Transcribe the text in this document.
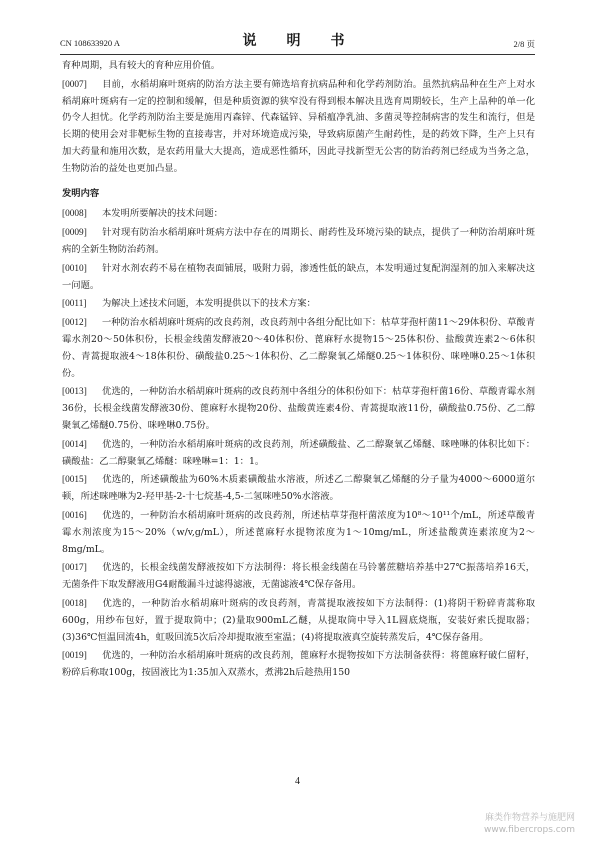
CN 108633920 A	说　明　书	2/8 页

育种周期，具有较大的育种应用价值。

[0007] 目前，水稻胡麻叶斑病的防治方法主要有筛选培育抗病品种和化学药剂防治。虽然抗病品种在生产上对水稻胡麻叶斑病有一定的控制和缓解，但是种质资源的狭窄没有得到根本解决且选育周期较长，生产上品种的单一化仍令人担忧。化学药剂防治主要是施用丙森锌、代森锰锌、异稻瘟净乳油、多菌灵等控制病害的发生和流行，但是长期的使用会对非靶标生物的直接毒害，并对环境造成污染，导致病原菌产生耐药性，是的药效下降，生产上只有加大药量和施用次数，是农药用量大大提高，造成恶性循环，因此寻找新型无公害的防治药剂已经成为当务之急，生物防治的益处也更加凸显。

发明内容

[0008] 本发明所要解决的技术问题：

[0009] 针对现有防治水稻胡麻叶斑病方法中存在的周期长、耐药性及环境污染的缺点，提供了一种防治胡麻叶斑病的全新生物防治药剂。

[0010] 针对水剂农药不易在植物表面铺展，吸附力弱，渗透性低的缺点，本发明通过复配润湿剂的加入来解决这一问题。

[0011] 为解决上述技术问题，本发明提供以下的技术方案：

[0012] 一种防治水稻胡麻叶斑病的改良药剂，改良药剂中各组分配比如下：枯草芽孢杆菌11～29体积份、草酸青霉水剂20～50体积份，长根金线菌发酵液20～40体积份、蓖麻籽水提物15～25体积份、盐酸黄连素2～6体积份、青蒿提取液4～18体积份、磺酸盐0.25～1体积份、乙二醇聚氧乙烯醚0.25～1体积份、咪唑啉0.25～1体积份。

[0013] 优选的，一种防治水稻胡麻叶斑病的改良药剂中各组分的体积份如下：枯草芽孢杆菌16份、草酸青霉水剂36份，长根金线菌发酵液30份、蓖麻籽水提物20份、盐酸黄连素4份、青蒿提取液11份，磺酸盐0.75份、乙二醇聚氧乙烯醚0.75份、咪唑啉0.75份。

[0014] 优选的，一种防治水稻胡麻叶斑病的改良药剂，所述磺酸盐、乙二醇聚氧乙烯醚、咪唑啉的体积比如下：磺酸盐：乙二醇聚氧乙烯醚：咪唑啉=1：1：1。

[0015] 优选的，所述磺酸盐为60%木质素磺酸盐水溶液，所述乙二醇聚氧乙烯醚的分子量为4000～6000道尔顿，所述咪唑啉为2-羟甲基-2-十七烷基-4,5-二氢咪唑50%水溶液。

[0016] 优选的，一种防治水稻胡麻叶斑病的改良药剂，所述枯草芽孢杆菌浓度为10⁸～10¹¹个/mL，所述草酸青霉水剂浓度为15～20%（w/v,g/mL），所述蓖麻籽水提物浓度为1～10mg/mL，所述盐酸黄连素浓度为2～8mg/mL。

[0017] 优选的，长根金线菌发酵液按如下方法制得：将长根金线菌在马铃薯蔗糖培养基中27℃振荡培养16天，无菌条件下取发酵液用G4耐酸漏斗过滤得滤液，无菌滤液4℃保存备用。

[0018] 优选的，一种防治水稻胡麻叶斑病的改良药剂，青蒿提取液按如下方法制得：(1)将阴干粉碎青蒿称取600g，用纱布包好，置于提取筒中；(2)量取900mL乙醚，从提取筒中导入1L圆底烧瓶，安装好索氏提取器；(3)36℃恒温回流4h，虹吸回流5次后冷却提取液至室温；(4)将提取液真空旋转蒸发后，4℃保存备用。

[0019] 优选的，一种防治水稻胡麻叶斑病的改良药剂，蓖麻籽水提物按如下方法制备获得：将蓖麻籽破仁留籽，粉碎后称取100g，按固液比为1:35加入双蒸水，煮沸2h后趁热用150

4
麻类作物营养与施肥网
www.fibercrops.com
